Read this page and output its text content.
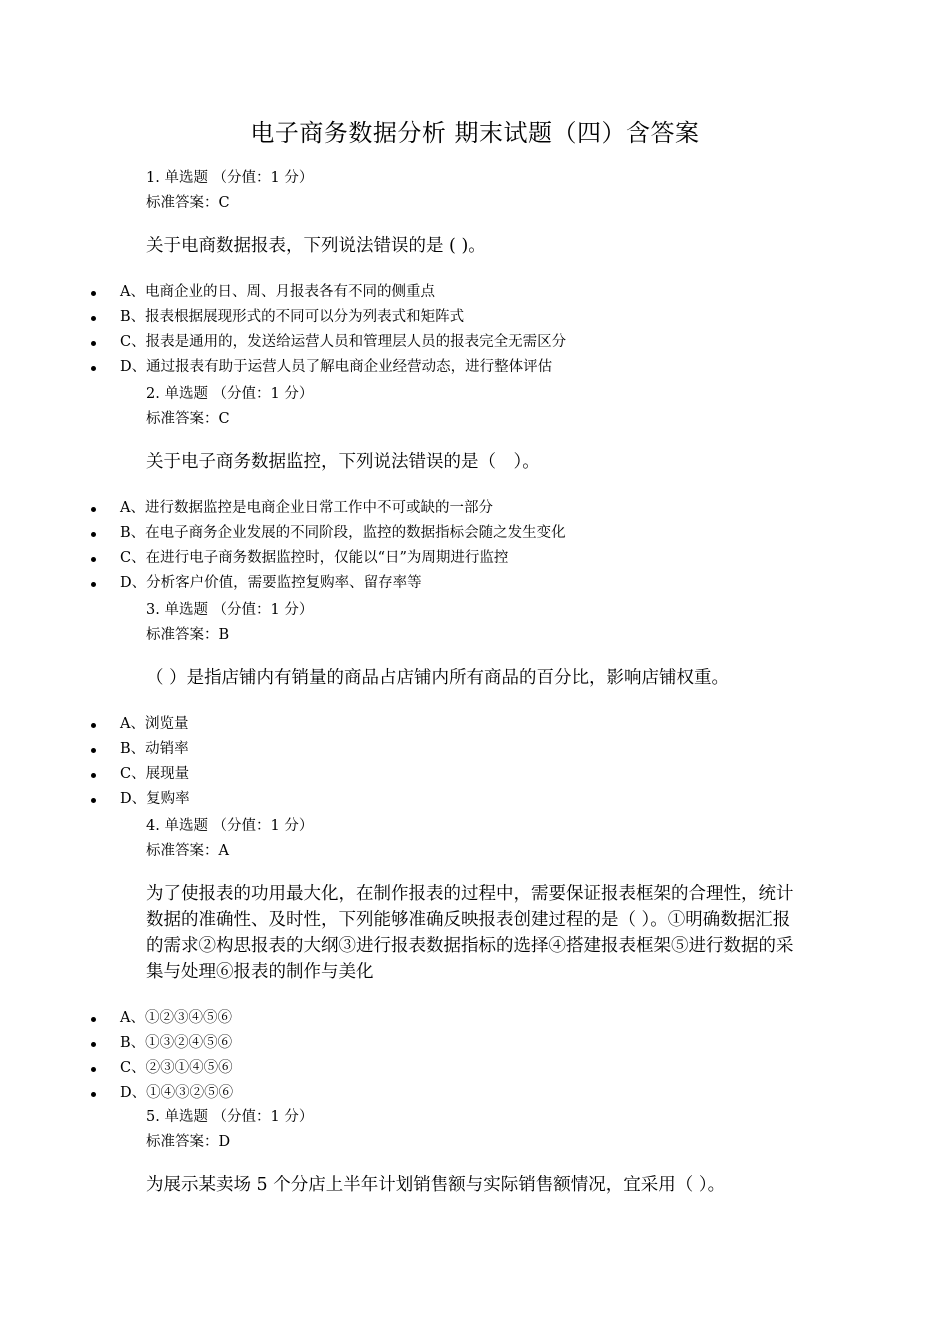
电子商务数据分析 期末试题（四）含答案
1. 单选题 （分值：1 分）
标准答案：C
关于电商数据报表，下列说法错误的是 ( )。
A、电商企业的日、周、月报表各有不同的侧重点
B、报表根据展现形式的不同可以分为列表式和矩阵式
C、报表是通用的，发送给运营人员和管理层人员的报表完全无需区分
D、通过报表有助于运营人员了解电商企业经营动态，进行整体评估
2. 单选题 （分值：1 分）
标准答案：C
关于电子商务数据监控，下列说法错误的是（　）。
A、进行数据监控是电商企业日常工作中不可或缺的一部分
B、在电子商务企业发展的不同阶段，监控的数据指标会随之发生变化
C、在进行电子商务数据监控时，仅能以“日”为周期进行监控
D、分析客户价值，需要监控复购率、留存率等
3. 单选题 （分值：1 分）
标准答案：B
（ ）是指店铺内有销量的商品占店铺内所有商品的百分比，影响店铺权重。
A、浏览量
B、动销率
C、展现量
D、复购率
4. 单选题 （分值：1 分）
标准答案：A
为了使报表的功用最大化，在制作报表的过程中，需要保证报表框架的合理性，统计数据的准确性、及时性，下列能够准确反映报表创建过程的是（ ）。①明确数据汇报的需求②构思报表的大纲③进行报表数据指标的选择④搭建报表框架⑤进行数据的采集与处理⑥报表的制作与美化
A、①②③④⑤⑥
B、①③②④⑤⑥
C、②③①④⑤⑥
D、①④③②⑤⑥
5. 单选题 （分值：1 分）
标准答案：D
为展示某卖场 5 个分店上半年计划销售额与实际销售额情况，宜采用（ ）。
